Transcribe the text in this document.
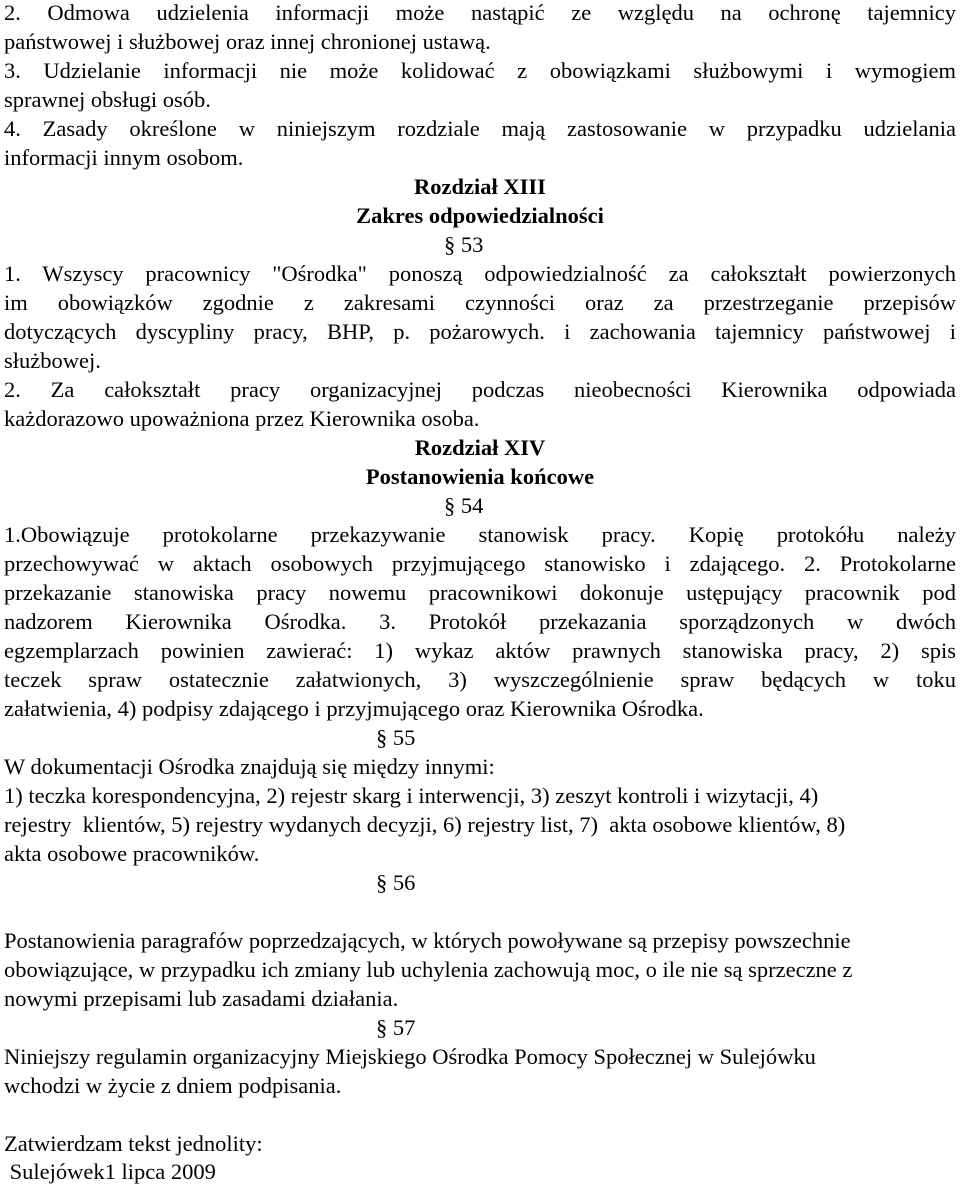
2. Odmowa udzielenia informacji może nastąpić ze względu na ochronę tajemnicy
państwowej i służbowej oraz innej chronionej ustawą.
3. Udzielanie informacji nie może kolidować z obowiązkami służbowymi i wymogiem
sprawnej obsługi osób.
4. Zasady określone w niniejszym rozdziale mają zastosowanie w przypadku udzielania
informacji innym osobom.
Rozdział XIII
Zakres odpowiedzialności
§ 53
1. Wszyscy pracownicy "Ośrodka" ponoszą odpowiedzialność za całokształt powierzonych
im obowiązków zgodnie z zakresami czynności oraz za przestrzeganie przepisów
dotyczących dyscypliny pracy, BHP, p. pożarowych. i zachowania tajemnicy państwowej i
służbowej.
2. Za całokształt pracy organizacyjnej podczas nieobecności Kierownika odpowiada
każdorazowo upoważniona przez Kierownika osoba.
Rozdział XIV
Postanowienia końcowe
§ 54
1.Obowiązuje protokolarne przekazywanie stanowisk pracy. Kopię protokółu należy
przechowywać w aktach osobowych przyjmującego stanowisko i zdającego. 2. Protokolarne
przekazanie stanowiska pracy nowemu pracownikowi dokonuje ustępujący pracownik pod
nadzorem Kierownika Ośrodka. 3. Protokół przekazania sporządzonych w dwóch
egzemplarzach powinien zawierać: 1) wykaz aktów prawnych stanowiska pracy, 2) spis
teczek spraw ostatecznie załatwionych, 3) wyszczególnienie spraw będących w toku
załatwienia, 4) podpisy zdającego i przyjmującego oraz Kierownika Ośrodka.
§ 55
W dokumentacji Ośrodka znajdują się między innymi:
1) teczka korespondencyjna, 2) rejestr skarg i interwencji, 3) zeszyt kontroli i wizytacji, 4)
rejestry  klientów, 5) rejestry wydanych decyzji, 6) rejestry list, 7)  akta osobowe klientów, 8)
akta osobowe pracowników.
§ 56
Postanowienia paragrafów poprzedzających, w których powoływane są przepisy powszechnie
obowiązujące, w przypadku ich zmiany lub uchylenia zachowują moc, o ile nie są sprzeczne z
nowymi przepisami lub zasadami działania.
§ 57
Niniejszy regulamin organizacyjny Miejskiego Ośrodka Pomocy Społecznej w Sulejówku
wchodzi w życie z dniem podpisania.
Zatwierdzam tekst jednolity:
Sulejówek1 lipca 2009
